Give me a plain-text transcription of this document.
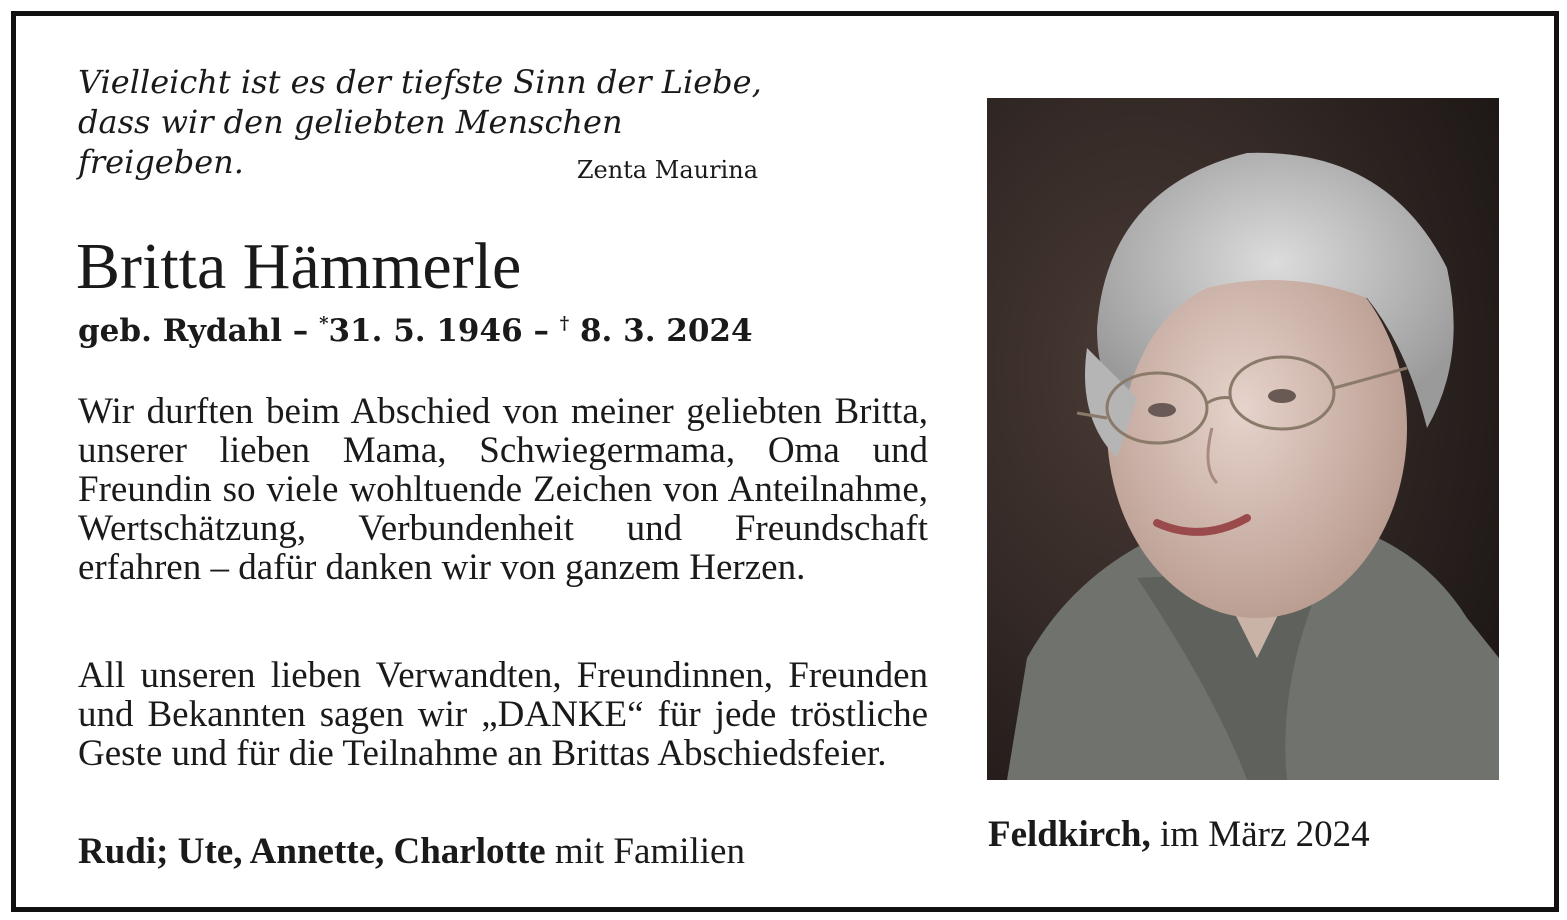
Vielleicht ist es der tiefste Sinn der Liebe,
dass wir den geliebten Menschen freigeben.	Zenta Maurina
Britta Hämmerle
geb. Rydahl – *31. 5. 1946 – † 8. 3. 2024
Wir durften beim Abschied von meiner geliebten Britta, unserer lieben Mama, Schwiegermama, Oma und Freundin so viele wohltuende Zeichen von Anteilnahme, Wertschätzung, Verbundenheit und Freundschaft erfahren – dafür danken wir von ganzem Herzen.
All unseren lieben Verwandten, Freundinnen, Freunden und Bekannten sagen wir „DANKE“ für jede tröstliche Geste und für die Teilnahme an Brittas Abschiedsfeier.
Rudi; Ute, Annette, Charlotte mit Familien	Feldkirch, im März 2024
